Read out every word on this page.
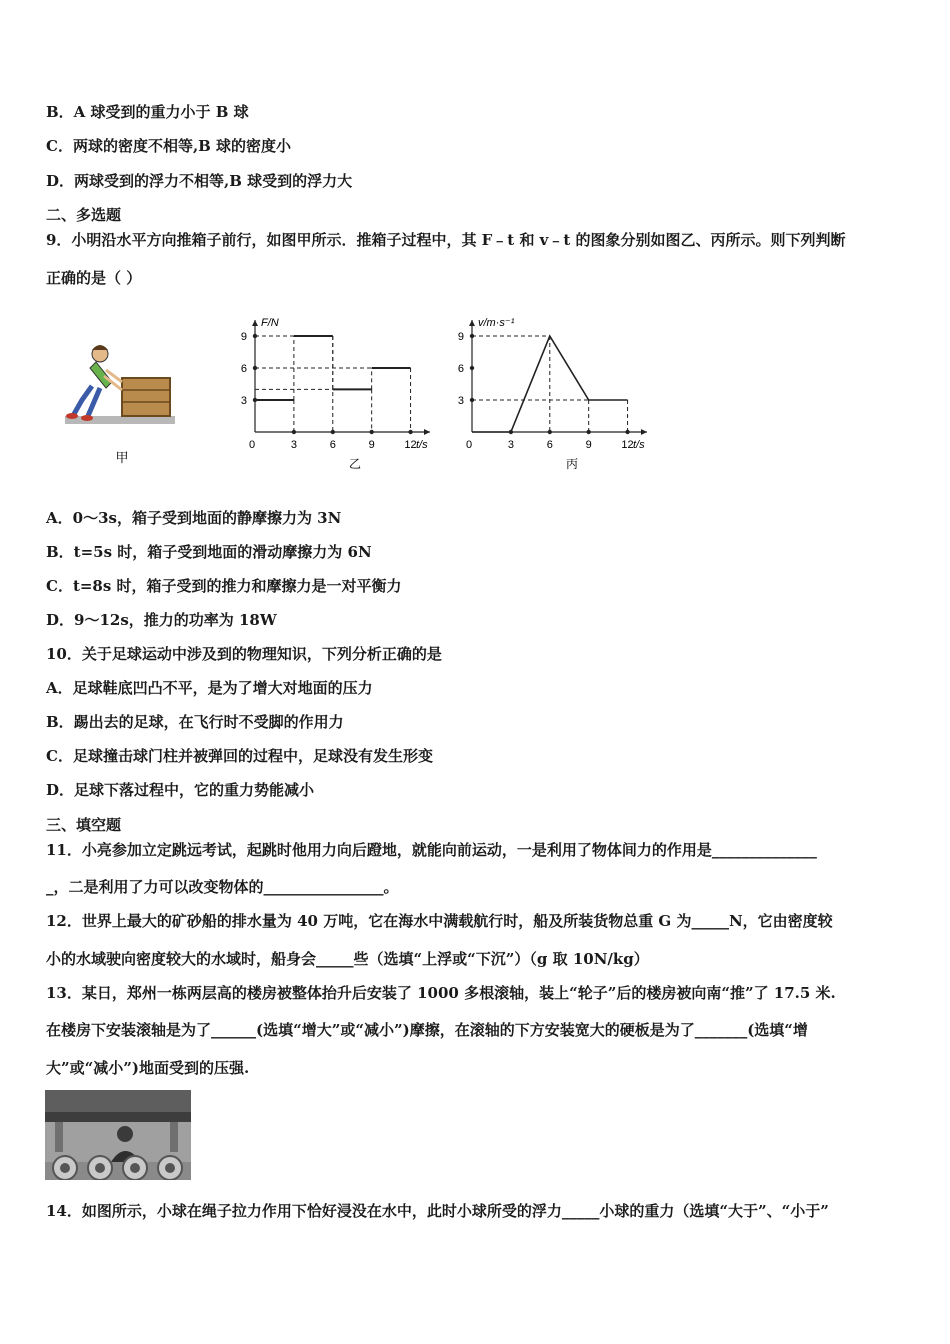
B．A 球受到的重力小于 B 球
C．两球的密度不相等,B 球的密度小
D．两球受到的浮力不相等,B 球受到的浮力大
二、多选题
9．小明沿水平方向推箱子前行，如图甲所示．推箱子过程中，其 F﹣t 和 v﹣t 的图象分别如图乙、丙所示。则下列判断
正确的是（ ）
甲
F/N
t/s
0	3	6	9	12
3
6
9
乙
v/m·s⁻¹
t/s
0	3	6	9	12
3
6
9
丙
A．0～3s，箱子受到地面的静摩擦力为 3N
B．t=5s 时，箱子受到地面的滑动摩擦力为 6N
C．t=8s 时，箱子受到的推力和摩擦力是一对平衡力
D．9～12s，推力的功率为 18W
10．关于足球运动中涉及到的物理知识，下列分析正确的是
A．足球鞋底凹凸不平，是为了增大对地面的压力
B．踢出去的足球，在飞行时不受脚的作用力
C．足球撞击球门柱并被弹回的过程中，足球没有发生形变
D．足球下落过程中，它的重力势能减小
三、填空题
11．小亮参加立定跳远考试，起跳时他用力向后蹬地，就能向前运动，一是利用了物体间力的作用是______________
_，二是利用了力可以改变物体的________________。
12．世界上最大的矿砂船的排水量为 40 万吨，它在海水中满载航行时，船及所装货物总重 G 为_____N，它由密度较
小的水域驶向密度较大的水域时，船身会_____些（选填“上浮或“下沉”）（g 取 10N/kg）
13．某日，郑州一栋两层高的楼房被整体抬升后安装了 1000 多根滚轴，装上“轮子”后的楼房被向南“推”了 17.5 米.
在楼房下安装滚轴是为了______(选填“增大”或“减小”)摩擦，在滚轴的下方安装宽大的硬板是为了_______(选填“增
大”或“减小”)地面受到的压强.
14．如图所示，小球在绳子拉力作用下恰好浸没在水中，此时小球所受的浮力_____小球的重力（选填“大于”、“小于”
